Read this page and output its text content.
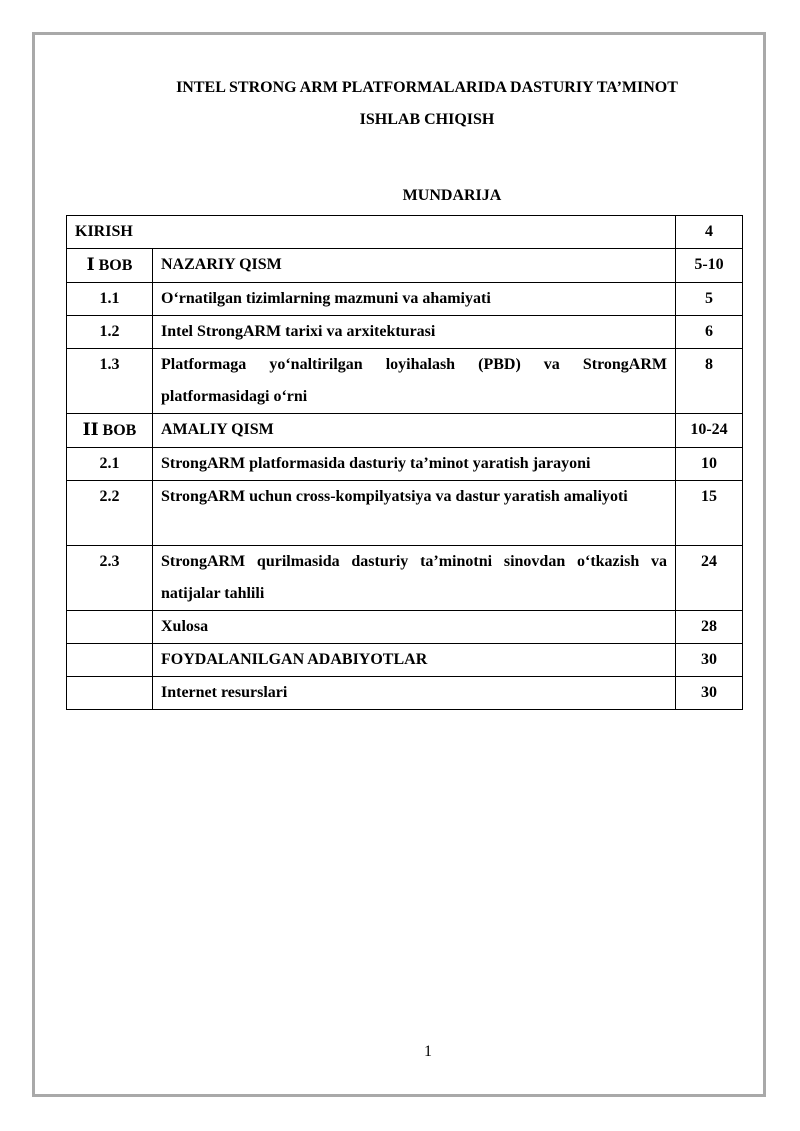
INTEL STRONG ARM PLATFORMALARIDA DASTURIY TA’MINOT
ISHLAB CHIQISH
MUNDARIJA
KIRISH		4
I BOB	NAZARIY QISM	5-10
1.1	O‘rnatilgan tizimlarning mazmuni va ahamiyati	5
1.2	Intel StrongARM tarixi va arxitekturasi	6
1.3	Platformaga yo‘naltirilgan loyihalash (PBD) va StrongARM platformasidagi o‘rni	8
II BOB	AMALIY QISM	10-24
2.1	StrongARM platformasida dasturiy ta’minot yaratish jarayoni	10
2.2	StrongARM uchun cross-kompilyatsiya va dastur yaratish amaliyoti	15
2.3	StrongARM qurilmasida dasturiy ta’minotni sinovdan o‘tkazish va natijalar tahlili	24
	Xulosa	28
	FOYDALANILGAN ADABIYOTLAR	30
	Internet resurslari	30
1
